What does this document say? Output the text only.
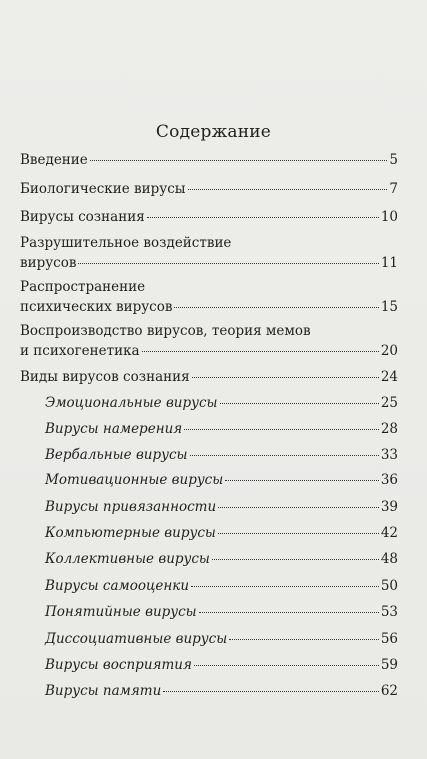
Содержание
Введение	5
Биологические вирусы	7
Вирусы сознания	10
Разрушительное воздействие
вирусов	11
Распространение
психических вирусов	15
Воспроизводство вирусов, теория мемов
и психогенетика	20
Виды вирусов сознания	24
Эмоциональные вирусы	25
Вирусы намерения	28
Вербальные вирусы	33
Мотивационные вирусы	36
Вирусы привязанности	39
Компьютерные вирусы	42
Коллективные вирусы	48
Вирусы самооценки	50
Понятийные вирусы	53
Диссоциативные вирусы	56
Вирусы восприятия	59
Вирусы памяти	62
